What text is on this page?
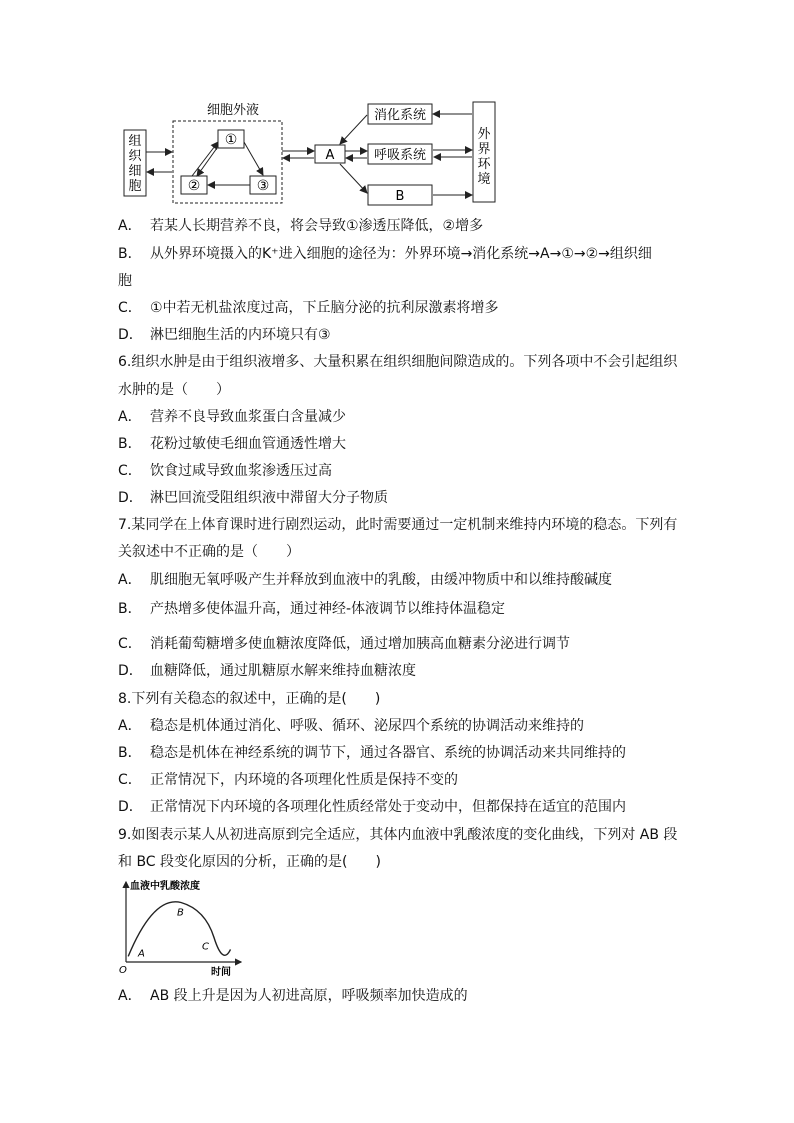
组
织
细
胞
细胞外液
①
②	③
A
消化系统
呼吸系统
B
外
界
环
境
A． 若某人长期营养不良，将会导致①渗透压降低，②增多
B． 从外界环境摄入的K⁺进入细胞的途径为：外界环境→消化系统→A→①→②→组织细
胞
C． ①中若无机盐浓度过高，下丘脑分泌的抗利尿激素将增多
D． 淋巴细胞生活的内环境只有③
6.组织水肿是由于组织液增多、大量积累在组织细胞间隙造成的。下列各项中不会引起组织
水肿的是（　　）
A． 营养不良导致血浆蛋白含量减少
B． 花粉过敏使毛细血管通透性增大
C． 饮食过咸导致血浆渗透压过高
D． 淋巴回流受阻组织液中滞留大分子物质
7.某同学在上体育课时进行剧烈运动，此时需要通过一定机制来维持内环境的稳态。下列有
关叙述中不正确的是（　　）
A． 肌细胞无氧呼吸产生并释放到血液中的乳酸，由缓冲物质中和以维持酸碱度
B． 产热增多使体温升高，通过神经-体液调节以维持体温稳定
C． 消耗葡萄糖增多使血糖浓度降低，通过增加胰高血糖素分泌进行调节
D． 血糖降低，通过肌糖原水解来维持血糖浓度
8.下列有关稳态的叙述中，正确的是(　　)
A． 稳态是机体通过消化、呼吸、循环、泌尿四个系统的协调活动来维持的
B． 稳态是机体在神经系统的调节下，通过各器官、系统的协调活动来共同维持的
C． 正常情况下，内环境的各项理化性质是保持不变的
D． 正常情况下内环境的各项理化性质经常处于变动中，但都保持在适宜的范围内
9.如图表示某人从初进高原到完全适应，其体内血液中乳酸浓度的变化曲线，下列对 AB 段
和 BC 段变化原因的分析，正确的是(　　)
血液中乳酸浓度
时间
O
A
B
C
A． AB 段上升是因为人初进高原，呼吸频率加快造成的
